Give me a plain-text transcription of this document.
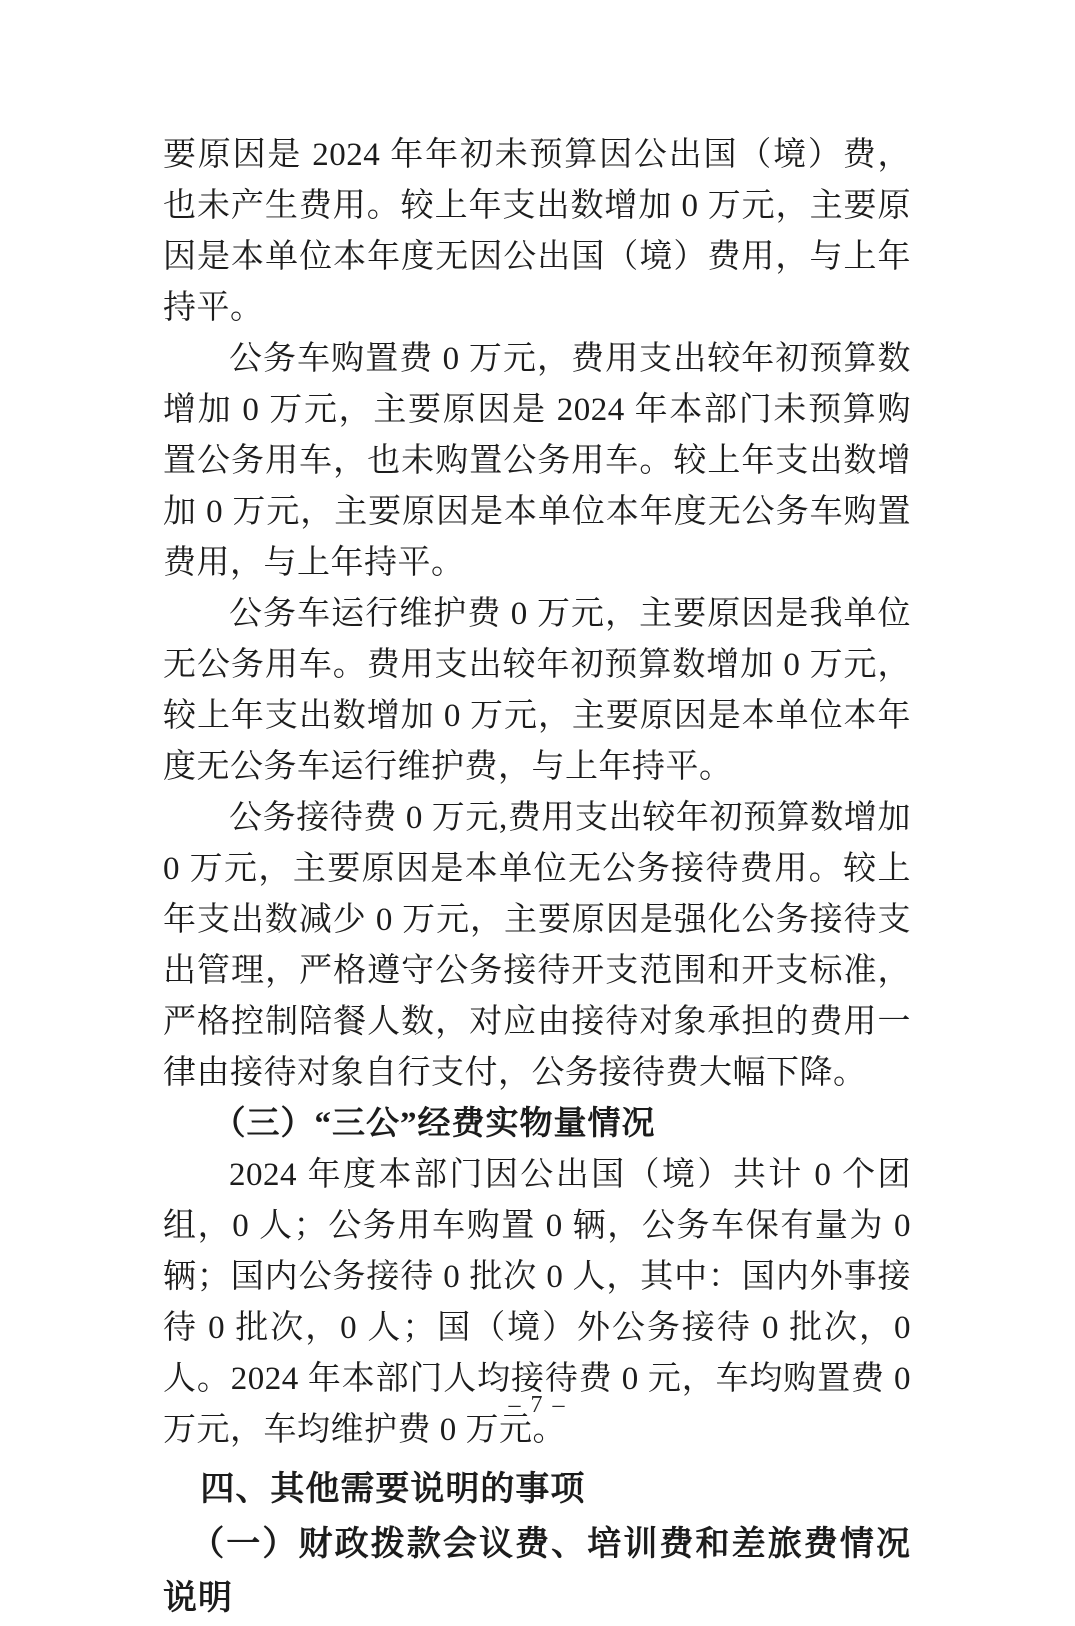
要原因是 2024 年年初未预算因公出国（境）费，也未产生费用。较上年支出数增加 0 万元，主要原因是本单位本年度无因公出国（境）费用，与上年持平。

公务车购置费 0 万元，费用支出较年初预算数增加 0 万元，主要原因是 2024 年本部门未预算购置公务用车，也未购置公务用车。较上年支出数增加 0 万元，主要原因是本单位本年度无公务车购置费用，与上年持平。

公务车运行维护费 0 万元，主要原因是我单位无公务用车。费用支出较年初预算数增加 0 万元，较上年支出数增加 0 万元，主要原因是本单位本年度无公务车运行维护费，与上年持平。

公务接待费 0 万元,费用支出较年初预算数增加 0 万元，主要原因是本单位无公务接待费用。较上年支出数减少 0 万元，主要原因是强化公务接待支出管理，严格遵守公务接待开支范围和开支标准，严格控制陪餐人数，对应由接待对象承担的费用一律由接待对象自行支付，公务接待费大幅下降。

（三）“三公”经费实物量情况

2024 年度本部门因公出国（境）共计 0 个团组，0 人；公务用车购置 0 辆，公务车保有量为 0 辆；国内公务接待 0 批次 0 人，其中：国内外事接待 0 批次，0 人；国（境）外公务接待 0 批次，0 人。2024 年本部门人均接待费 0 元，车均购置费 0 万元，车均维护费 0 万元。

四、其他需要说明的事项
（一）财政拨款会议费、培训费和差旅费情况说明
– 7 –
